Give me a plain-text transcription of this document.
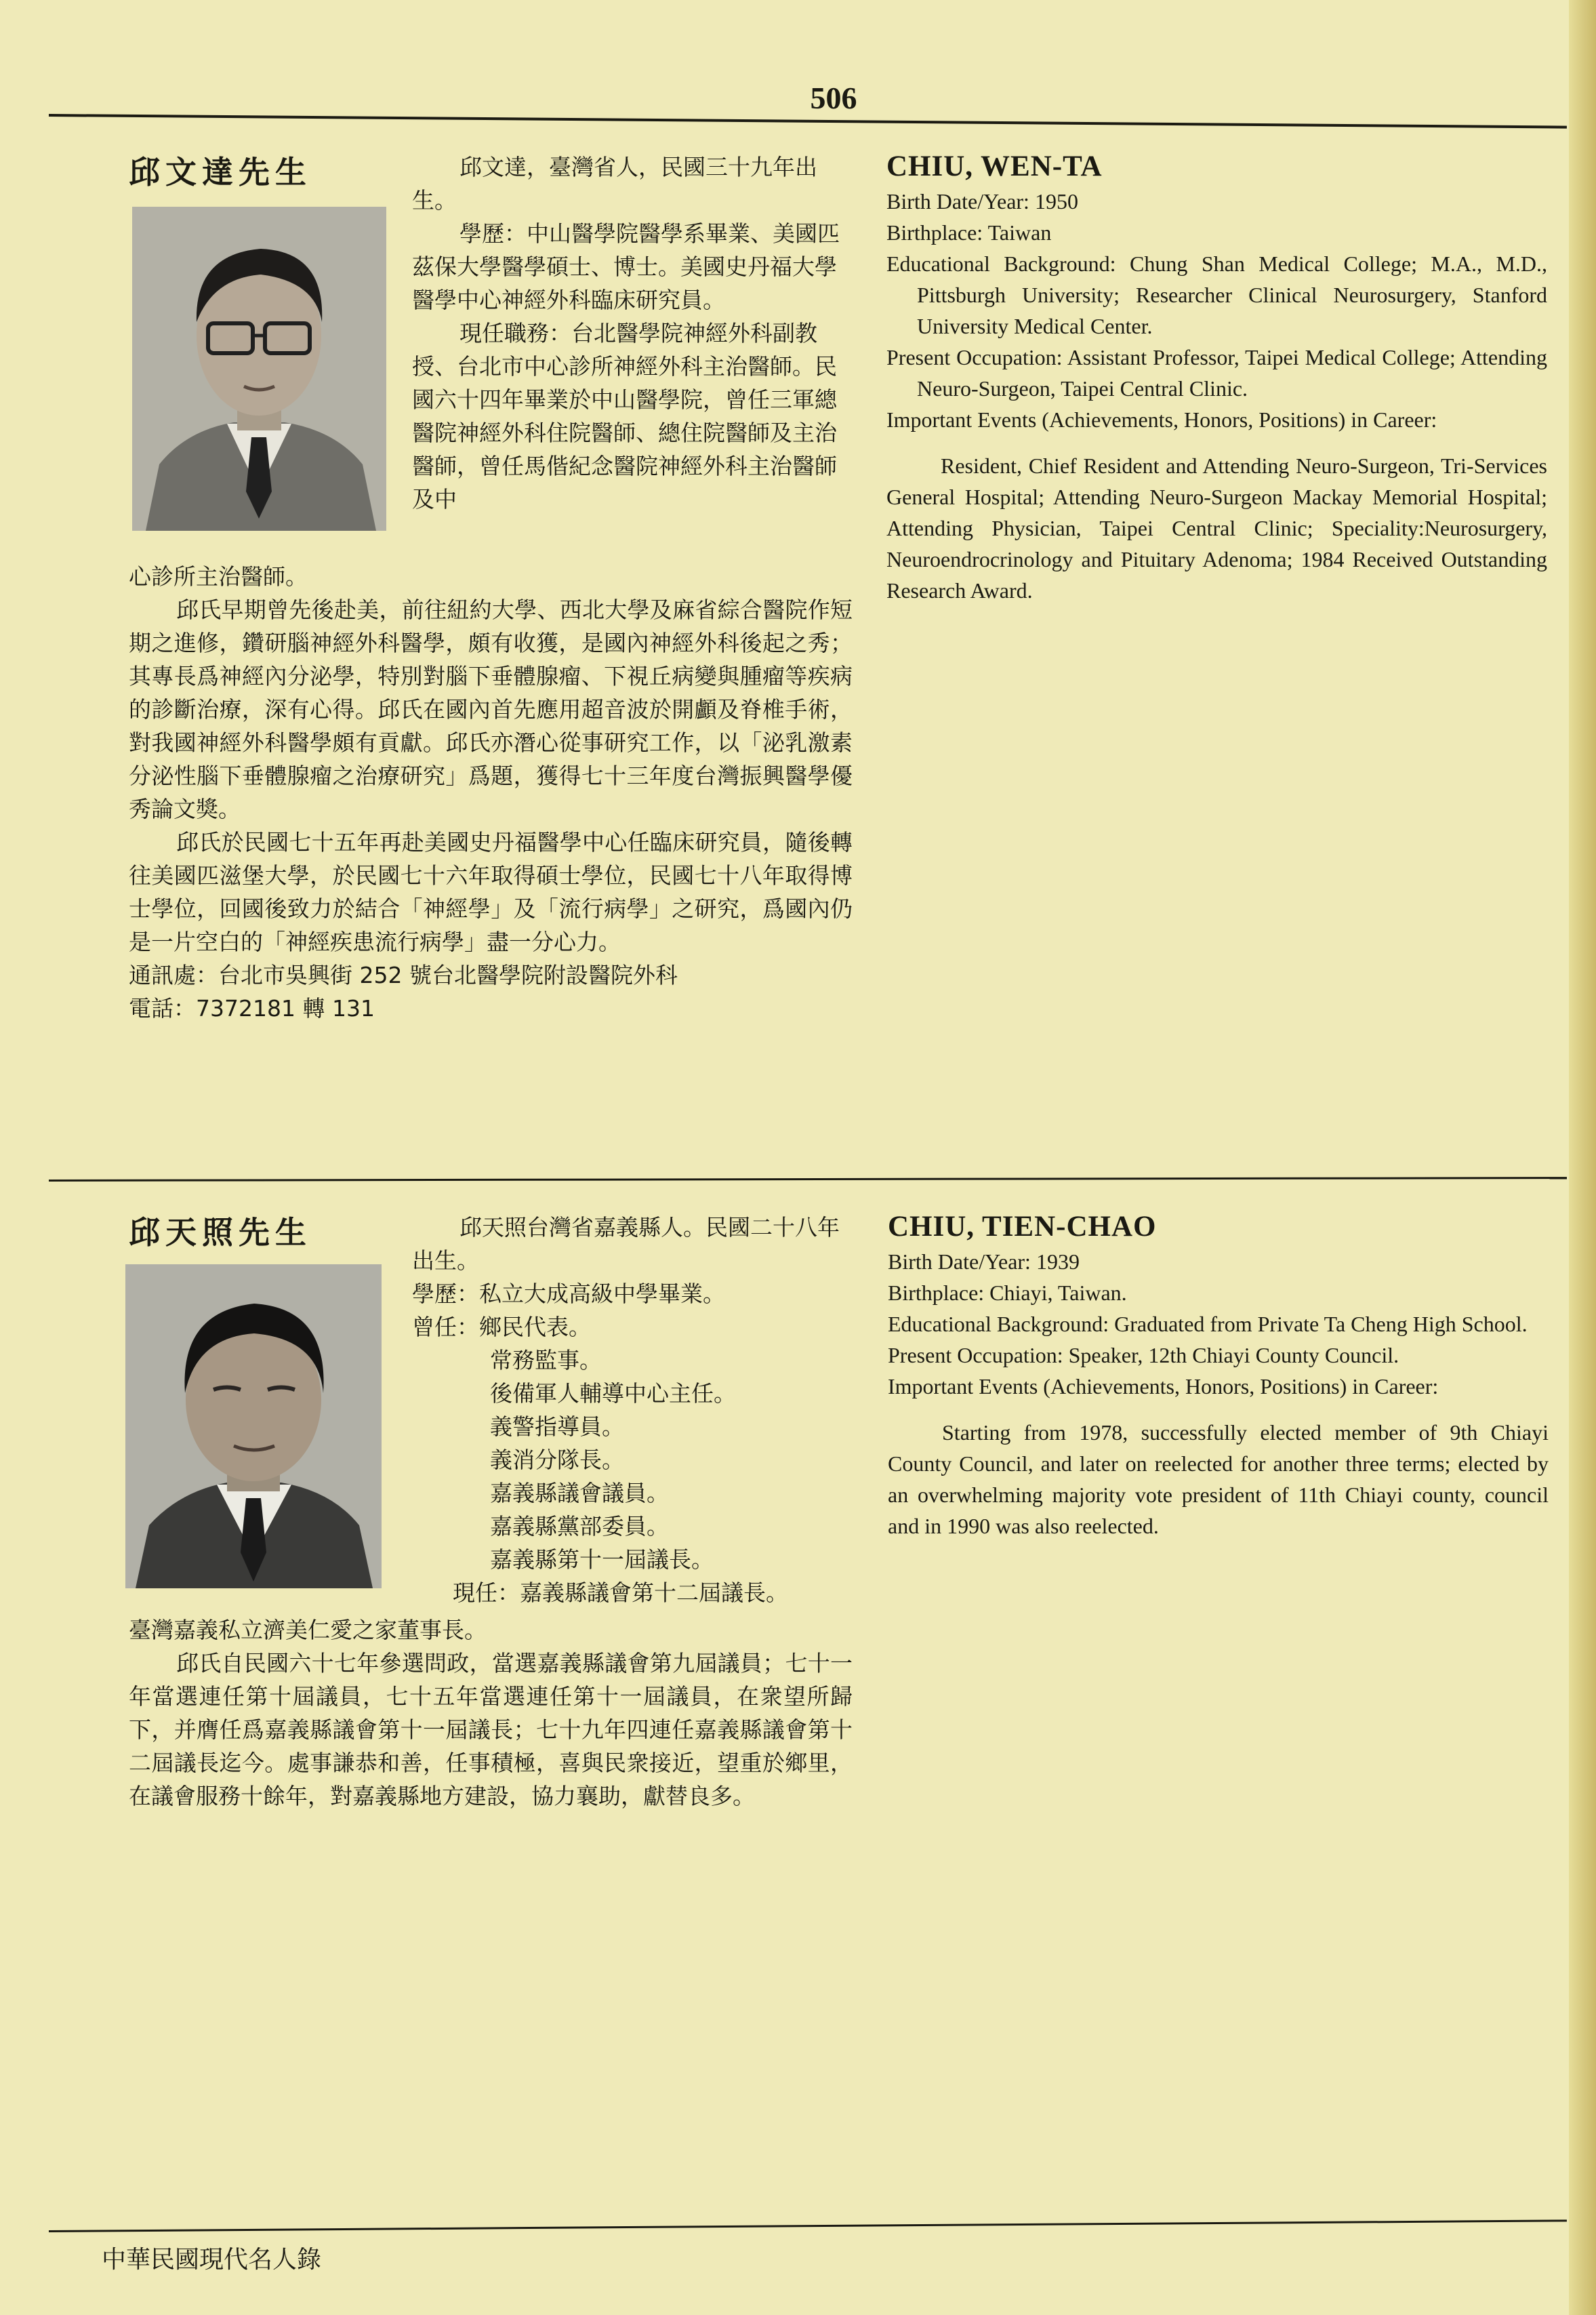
506
邱文達先生	邱文達，臺灣省人，民國三十九年出生。

學歷：中山醫學院醫學系畢業、美國匹茲保大學醫學碩士、博士。美國史丹福大學醫學中心神經外科臨床研究員。

現任職務：台北醫學院神經外科副教授、台北市中心診所神經外科主治醫師。民國六十四年畢業於中山醫學院，曾任三軍總醫院神經外科住院醫師、總住院醫師及主治醫師，曾任馬偕紀念醫院神經外科主治醫師及中

心診所主治醫師。

邱氏早期曾先後赴美，前往紐約大學、西北大學及麻省綜合醫院作短期之進修，鑽研腦神經外科醫學，頗有收獲，是國內神經外科後起之秀；其專長爲神經內分泌學，特別對腦下垂體腺瘤、下視丘病變與腫瘤等疾病的診斷治療，深有心得。邱氏在國內首先應用超音波於開顱及脊椎手術，對我國神經外科醫學頗有貢獻。邱氏亦潛心從事研究工作，以「泌乳激素分泌性腦下垂體腺瘤之治療研究」爲題，獲得七十三年度台灣振興醫學優秀論文獎。

邱氏於民國七十五年再赴美國史丹福醫學中心任臨床研究員，隨後轉往美國匹滋堡大學，於民國七十六年取得碩士學位，民國七十八年取得博士學位，回國後致力於結合「神經學」及「流行病學」之研究，爲國內仍是一片空白的「神經疾患流行病學」盡一分心力。

通訊處：台北市吳興街 252 號台北醫學院附設醫院外科

電話：7372181 轉 131

CHIU, WEN-TA
Birth Date/Year: 1950
Birthplace: Taiwan
Educational Background: Chung Shan Medical College; M.A., M.D., Pittsburgh University; Researcher Clinical Neurosurgery, Stanford University Medical Center.
Present Occupation: Assistant Professor, Taipei Medical College; Attending Neuro-Surgeon, Taipei Central Clinic.
Important Events (Achievements, Honors, Positions) in Career:
Resident, Chief Resident and Attending Neuro-Surgeon, Tri-Services General Hospital; Attending Neuro-Surgeon Mackay Memorial Hospital; Attending Physician, Taipei Central Clinic; Speciality:Neurosurgery, Neuroendrocrinology and Pituitary Adenoma; 1984 Received Outstanding Research Award.
邱天照先生	邱天照台灣省嘉義縣人。民國二十八年出生。

學歷：私立大成高級中學畢業。

曾任：鄉民代表。

常務監事。

後備軍人輔導中心主任。

義警指導員。

義消分隊長。

嘉義縣議會議員。

嘉義縣黨部委員。

嘉義縣第十一屆議長。

現任：嘉義縣議會第十二屆議長。

臺灣嘉義私立濟美仁愛之家董事長。

邱氏自民國六十七年參選問政，當選嘉義縣議會第九屆議員；七十一年當選連任第十屆議員，七十五年當選連任第十一屆議員，在衆望所歸下，并膺任爲嘉義縣議會第十一屆議長；七十九年四連任嘉義縣議會第十二屆議長迄今。處事謙恭和善，任事積極，喜與民衆接近，望重於鄉里，在議會服務十餘年，對嘉義縣地方建設，協力襄助，獻替良多。

CHIU, TIEN-CHAO
Birth Date/Year: 1939
Birthplace: Chiayi, Taiwan.
Educational Background: Graduated from Private Ta Cheng High School.
Present Occupation: Speaker, 12th Chiayi County Council.
Important Events (Achievements, Honors, Positions) in Career:
Starting from 1978, successfully elected member of 9th Chiayi County Council, and later on reelected for another three terms; elected by an overwhelming majority vote president of 11th Chiayi county, council and in 1990 was also reelected.
中華民國現代名人錄
